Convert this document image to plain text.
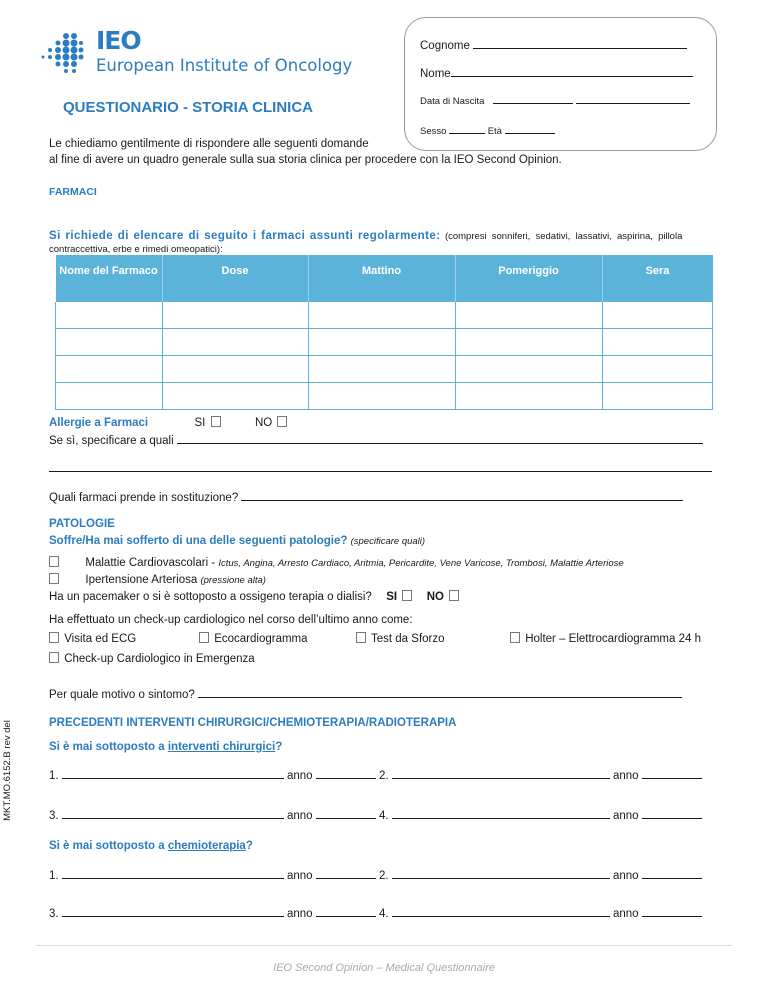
IEO
European Institute of Oncology
QUESTIONARIO - STORIA CLINICA
Cognome
Nome
Data di Nascita
Sesso	Età
Le chiediamo gentilmente di rispondere alle seguenti domande
al fine di avere un quadro generale sulla sua storia clinica per procedere con la IEO Second Opinion.
FARMACI
Si richiede di elencare di seguito i farmaci assunti regolarmente: (compresi sonniferi, sedativi, lassativi, aspirina, pillola
contraccettiva, erbe e rimedi omeopatici):
Nome del Farmaco	Dose	Mattino	Pomeriggio	Sera

Allergie a Farmaci	SI	NO
Se sì, specificare a quali
Quali farmaci prende in sostituzione?
PATOLOGIE
Soffre/Ha mai sofferto di una delle seguenti patologie? (specificare quali)
Malattie Cardiovascolari - Ictus, Angina, Arresto Cardiaco, Aritmia, Pericardite, Vene Varicose, Trombosi, Malattie Arteriose
Ipertensione Arteriosa (pressione alta)
Ha un pacemaker o si è sottoposto a ossigeno terapia o dialisi? SI	NO
Ha effettuato un check-up cardiologico nel corso dell’ultimo anno come:
Visita ed ECG	Ecocardiogramma	Test da Sforzo	Holter – Elettrocardiogramma 24 h
Check-up Cardiologico in Emergenza
Per quale motivo o sintomo?
PRECEDENTI INTERVENTI CHIRURGICI/CHEMIOTERAPIA/RADIOTERAPIA
Si è mai sottoposto a interventi chirurgici?
1.	anno	2.	anno
3.	anno	4.	anno
Si è mai sottoposto a chemioterapia?
1.	anno	2.	anno
3.	anno	4.	anno
MKT.MO.6152.B rev del
IEO Second Opinion – Medical Questionnaire
